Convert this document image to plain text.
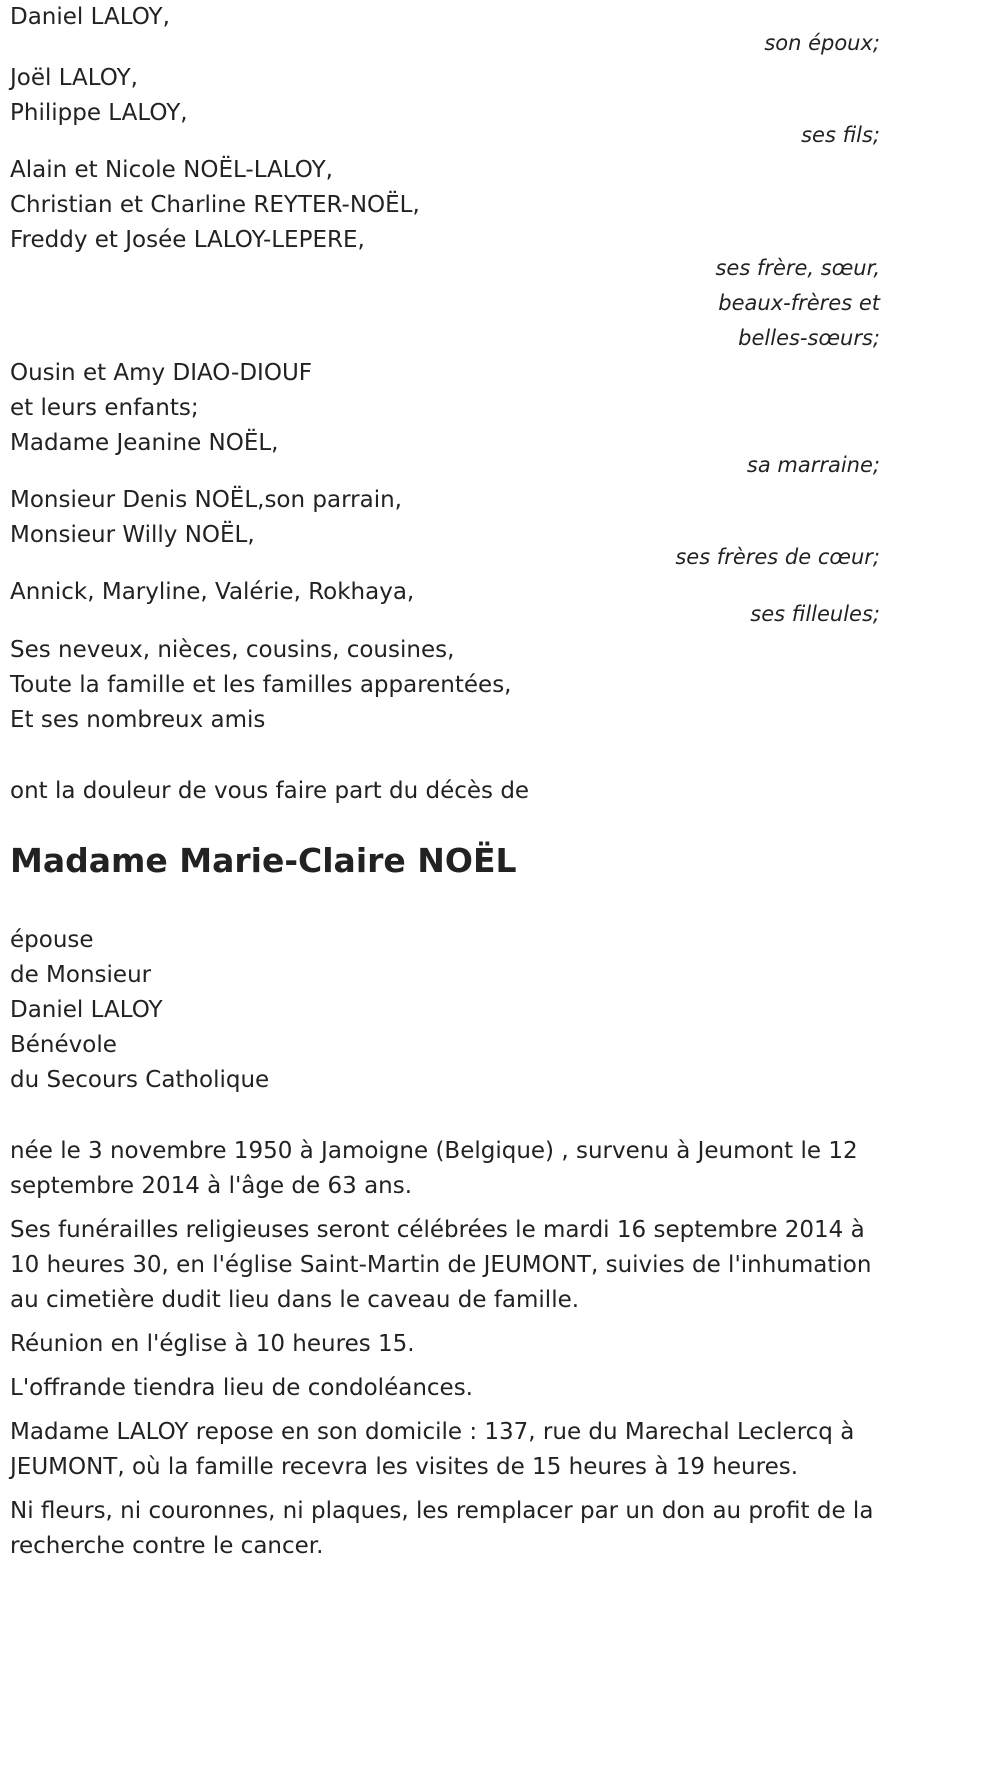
Daniel LALOY,
son époux;
Joël LALOY,
Philippe LALOY,
ses fils;
Alain et Nicole NOËL-LALOY,
Christian et Charline REYTER-NOËL,
Freddy et Josée LALOY-LEPERE,
ses frère, sœur,
beaux-frères et
belles-sœurs;
Ousin et Amy DIAO-DIOUF
et leurs enfants;
Madame Jeanine NOËL,
sa marraine;
Monsieur Denis NOËL,son parrain,
Monsieur Willy NOËL,
ses frères de cœur;
Annick, Maryline, Valérie, Rokhaya,
ses filleules;
Ses neveux, nièces, cousins, cousines,
Toute la famille et les familles apparentées,
Et ses nombreux amis
ont la douleur de vous faire part du décès de
Madame Marie-Claire NOËL
épouse
de Monsieur
Daniel LALOY
Bénévole
du Secours Catholique

née le 3 novembre 1950 à Jamoigne (Belgique) , survenu à Jeumont le 12 septembre 2014 à l'âge de 63 ans.

Ses funérailles religieuses seront célébrées le mardi 16 septembre 2014 à 10 heures 30, en l'église Saint-Martin de JEUMONT, suivies de l'inhumation au cimetière dudit lieu dans le caveau de famille.

Réunion en l'église à 10 heures 15.

L'offrande tiendra lieu de condoléances.

Madame LALOY repose en son domicile : 137, rue du Marechal Leclercq à JEUMONT, où la famille recevra les visites de 15 heures à 19 heures.

Ni fleurs, ni couronnes, ni plaques, les remplacer par un don au profit de la recherche contre le cancer.
